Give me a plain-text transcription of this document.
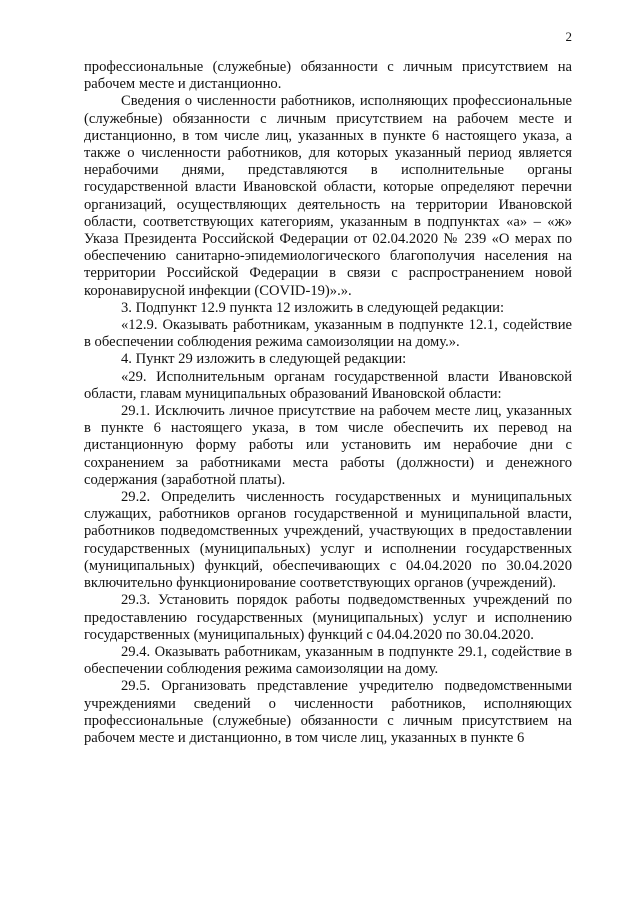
2

профессиональные (служебные) обязанности с личным присутствием на рабочем месте и дистанционно.

Сведения о численности работников, исполняющих профессиональные (служебные) обязанности с личным присутствием на рабочем месте и дистанционно, в том числе лиц, указанных в пункте 6 настоящего указа, а также о численности работников, для которых указанный период является нерабочими днями, представляются в исполнительные органы государственной власти Ивановской области, которые определяют перечни организаций, осуществляющих деятельность на территории Ивановской области, соответствующих категориям, указанным в подпунктах «а» – «ж» Указа Президента Российской Федерации от 02.04.2020 № 239 «О мерах по обеспечению санитарно-эпидемиологического благополучия населения на территории Российской Федерации в связи с распространением новой коронавирусной инфекции (COVID-19)».».

3. Подпункт 12.9 пункта 12 изложить в следующей редакции:

«12.9. Оказывать работникам, указанным в подпункте 12.1, содействие в обеспечении соблюдения режима самоизоляции на дому.».

4. Пункт 29 изложить в следующей редакции:

«29. Исполнительным органам государственной власти Ивановской области, главам муниципальных образований Ивановской области:

29.1. Исключить личное присутствие на рабочем месте лиц, указанных в пункте 6 настоящего указа, в том числе обеспечить их перевод на дистанционную форму работы или установить им нерабочие дни с сохранением за работниками места работы (должности) и денежного содержания (заработной платы).

29.2. Определить численность государственных и муниципальных служащих, работников органов государственной и муниципальной власти, работников подведомственных учреждений, участвующих в предоставлении государственных (муниципальных) услуг и исполнении государственных (муниципальных) функций, обеспечивающих с 04.04.2020 по 30.04.2020 включительно функционирование соответствующих органов (учреждений).

29.3. Установить порядок работы подведомственных учреждений по предоставлению государственных (муниципальных) услуг и исполнению государственных (муниципальных) функций с 04.04.2020 по 30.04.2020.

29.4. Оказывать работникам, указанным в подпункте 29.1, содействие в обеспечении соблюдения режима самоизоляции на дому.

29.5. Организовать представление учредителю подведомственными учреждениями сведений о численности работников, исполняющих профессиональные (служебные) обязанности с личным присутствием на рабочем месте и дистанционно, в том числе лиц, указанных в пункте 6
